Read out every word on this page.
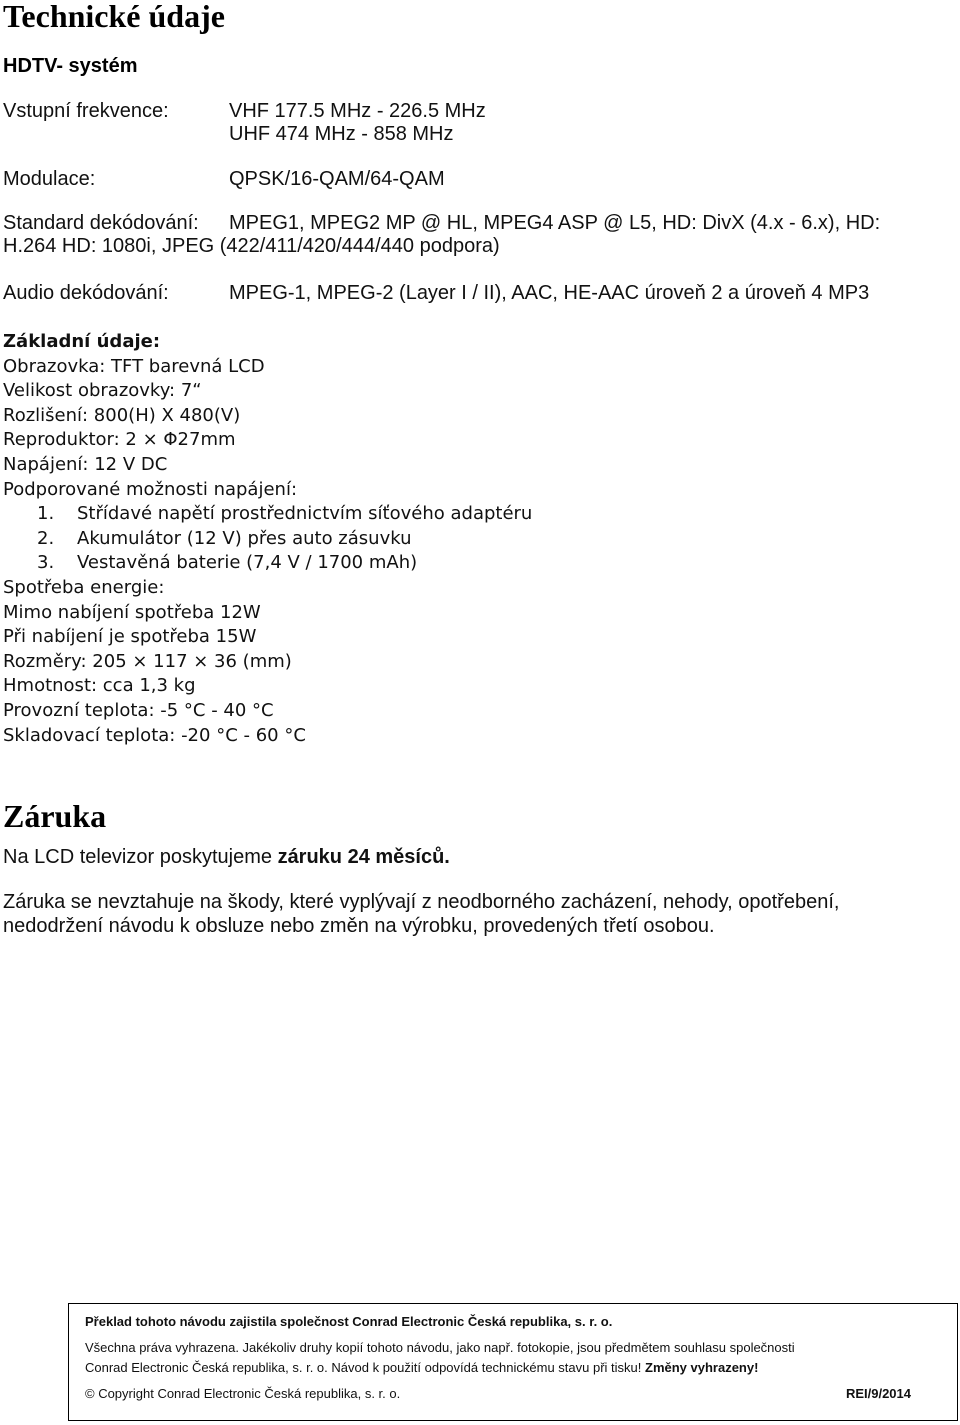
Technické údaje
HDTV- systém
Vstupní frekvence:	VHF 177.5 MHz - 226.5 MHz
UHF 474 MHz - 858 MHz
Modulace:	QPSK/16-QAM/64-QAM
Standard dekódování: MPEG1, MPEG2 MP @ HL, MPEG4 ASP @ L5, HD: DivX (4.x - 6.x), HD:
H.264 HD: 1080i, JPEG (422/411/420/444/440 podpora)
Audio dekódování:	MPEG-1, MPEG-2 (Layer I / II), AAC, HE-AAC úroveň 2 a úroveň 4 MP3
Základní údaje:
Obrazovka: TFT barevná LCD
Velikost obrazovky: 7“
Rozlišení: 800(H) X 480(V)
Reproduktor: 2 × Φ27mm
Napájení: 12 V DC
Podporované možnosti napájení:
1. Střídavé napětí prostřednictvím síťového adaptéru
2. Akumulátor (12 V) přes auto zásuvku
3. Vestavěná baterie (7,4 V / 1700 mAh)
Spotřeba energie:
Mimo nabíjení spotřeba 12W
Při nabíjení je spotřeba 15W
Rozměry: 205 × 117 × 36 (mm)
Hmotnost: cca 1,3 kg
Provozní teplota: -5 °C - 40 °C
Skladovací teplota: -20 °C - 60 °C
Záruka
Na LCD televizor poskytujeme záruku 24 měsíců.
Záruka se nevztahuje na škody, které vyplývají z neodborného zacházení, nehody, opotřebení,
nedodržení návodu k obsluze nebo změn na výrobku, provedených třetí osobou.
Překlad tohoto návodu zajistila společnost Conrad Electronic Česká republika, s. r. o.
Všechna práva vyhrazena. Jakékoliv druhy kopií tohoto návodu, jako např. fotokopie, jsou předmětem souhlasu společnosti
Conrad Electronic Česká republika, s. r. o. Návod k použití odpovídá technickému stavu při tisku! Změny vyhrazeny!
© Copyright Conrad Electronic Česká republika, s. r. o.	REI/9/2014
